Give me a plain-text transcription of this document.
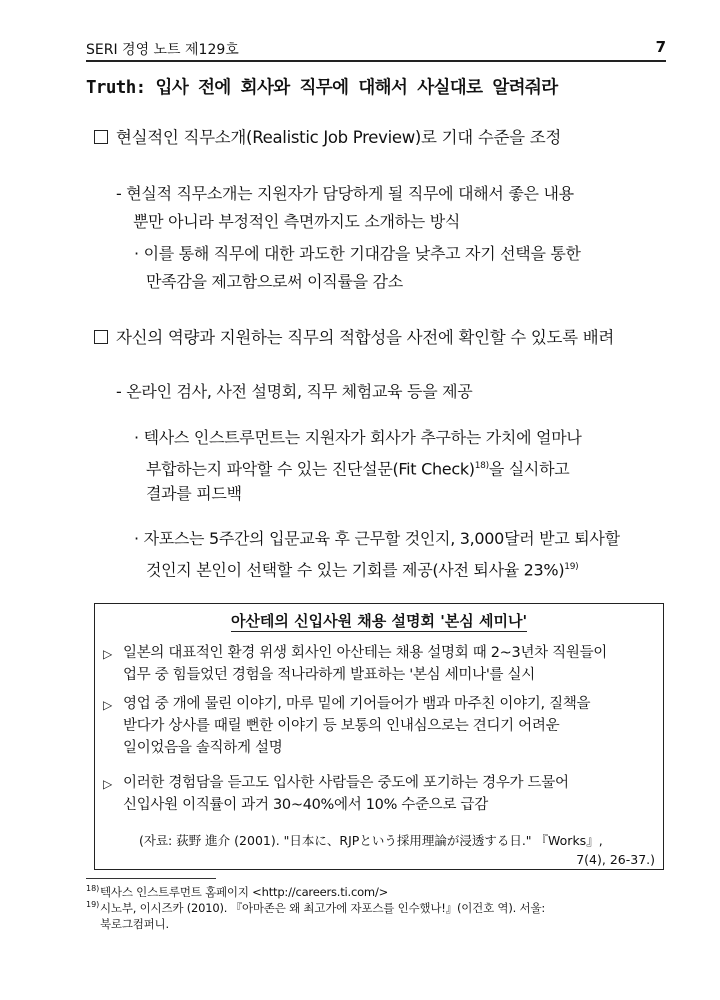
SERI 경영 노트 제129호	7
Truth: 입사 전에 회사와 직무에 대해서 사실대로 알려줘라
현실적인 직무소개(Realistic Job Preview)로 기대 수준을 조정
- 현실적 직무소개는 지원자가 담당하게 될 직무에 대해서 좋은 내용
뿐만 아니라 부정적인 측면까지도 소개하는 방식
· 이를 통해 직무에 대한 과도한 기대감을 낮추고 자기 선택을 통한
만족감을 제고함으로써 이직률을 감소
자신의 역량과 지원하는 직무의 적합성을 사전에 확인할 수 있도록 배려
- 온라인 검사, 사전 설명회, 직무 체험교육 등을 제공
· 텍사스 인스트루먼트는 지원자가 회사가 추구하는 가치에 얼마나
부합하는지 파악할 수 있는 진단설문(Fit Check)$^{18)}$을 실시하고
결과를 피드백
· 자포스는 5주간의 입문교육 후 근무할 것인지, 3,000달러 받고 퇴사할
것인지 본인이 선택할 수 있는 기회를 제공(사전 퇴사율 23%)$^{19)}$
아산테의 신입사원 채용 설명회 '본심 세미나'
▷ 일본의 대표적인 환경 위생 회사인 아산테는 채용 설명회 때 2~3년차 직원들이
업무 중 힘들었던 경험을 적나라하게 발표하는 '본심 세미나'를 실시
▷ 영업 중 개에 물린 이야기, 마루 밑에 기어들어가 뱀과 마주친 이야기, 질책을
받다가 상사를 때릴 뻔한 이야기 등 보통의 인내심으로는 견디기 어려운
일이었음을 솔직하게 설명
▷ 이러한 경험담을 듣고도 입사한 사람들은 중도에 포기하는 경우가 드물어
신입사원 이직률이 과거 30~40%에서 10% 수준으로 급감
(자료: 荻野 進介 (2001). "日本に、RJPという採用理論が浸透する日." 『Works』,
7(4), 26-37.)
18) 텍사스 인스트루먼트 홈페이지 <http://careers.ti.com/>
19) 시노부, 이시즈카 (2010). 『아마존은 왜 최고가에 자포스를 인수했나!』(이건호 역). 서울:
북로그컴퍼니.
